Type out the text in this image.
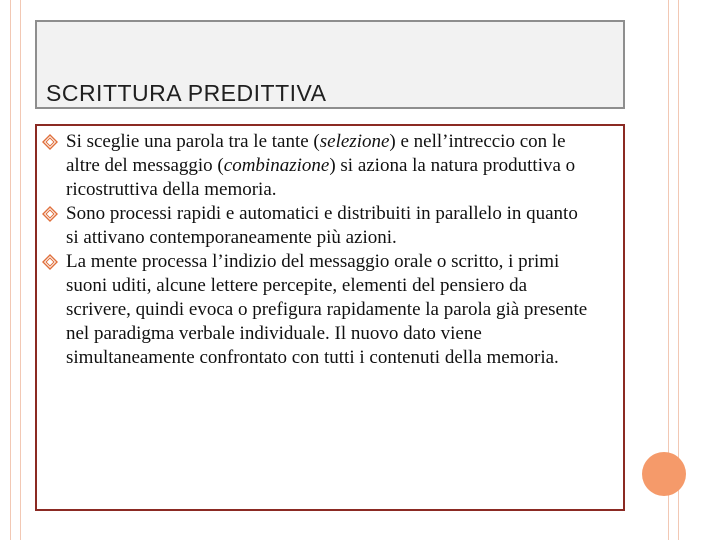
SCRITTURA PREDITTIVA
Si sceglie una parola tra le tante (selezione) e nell’intreccio con le altre del messaggio (combinazione) si aziona la natura produttiva o ricostruttiva della memoria.
Sono processi rapidi e automatici e distribuiti in parallelo in quanto si attivano contemporaneamente più azioni.
La mente processa l’indizio del messaggio orale o scritto, i primi suoni uditi, alcune lettere percepite, elementi del pensiero da scrivere, quindi evoca o prefigura rapidamente la parola già presente nel paradigma verbale individuale. Il nuovo dato viene simultaneamente confrontato con tutti i contenuti della memoria.
